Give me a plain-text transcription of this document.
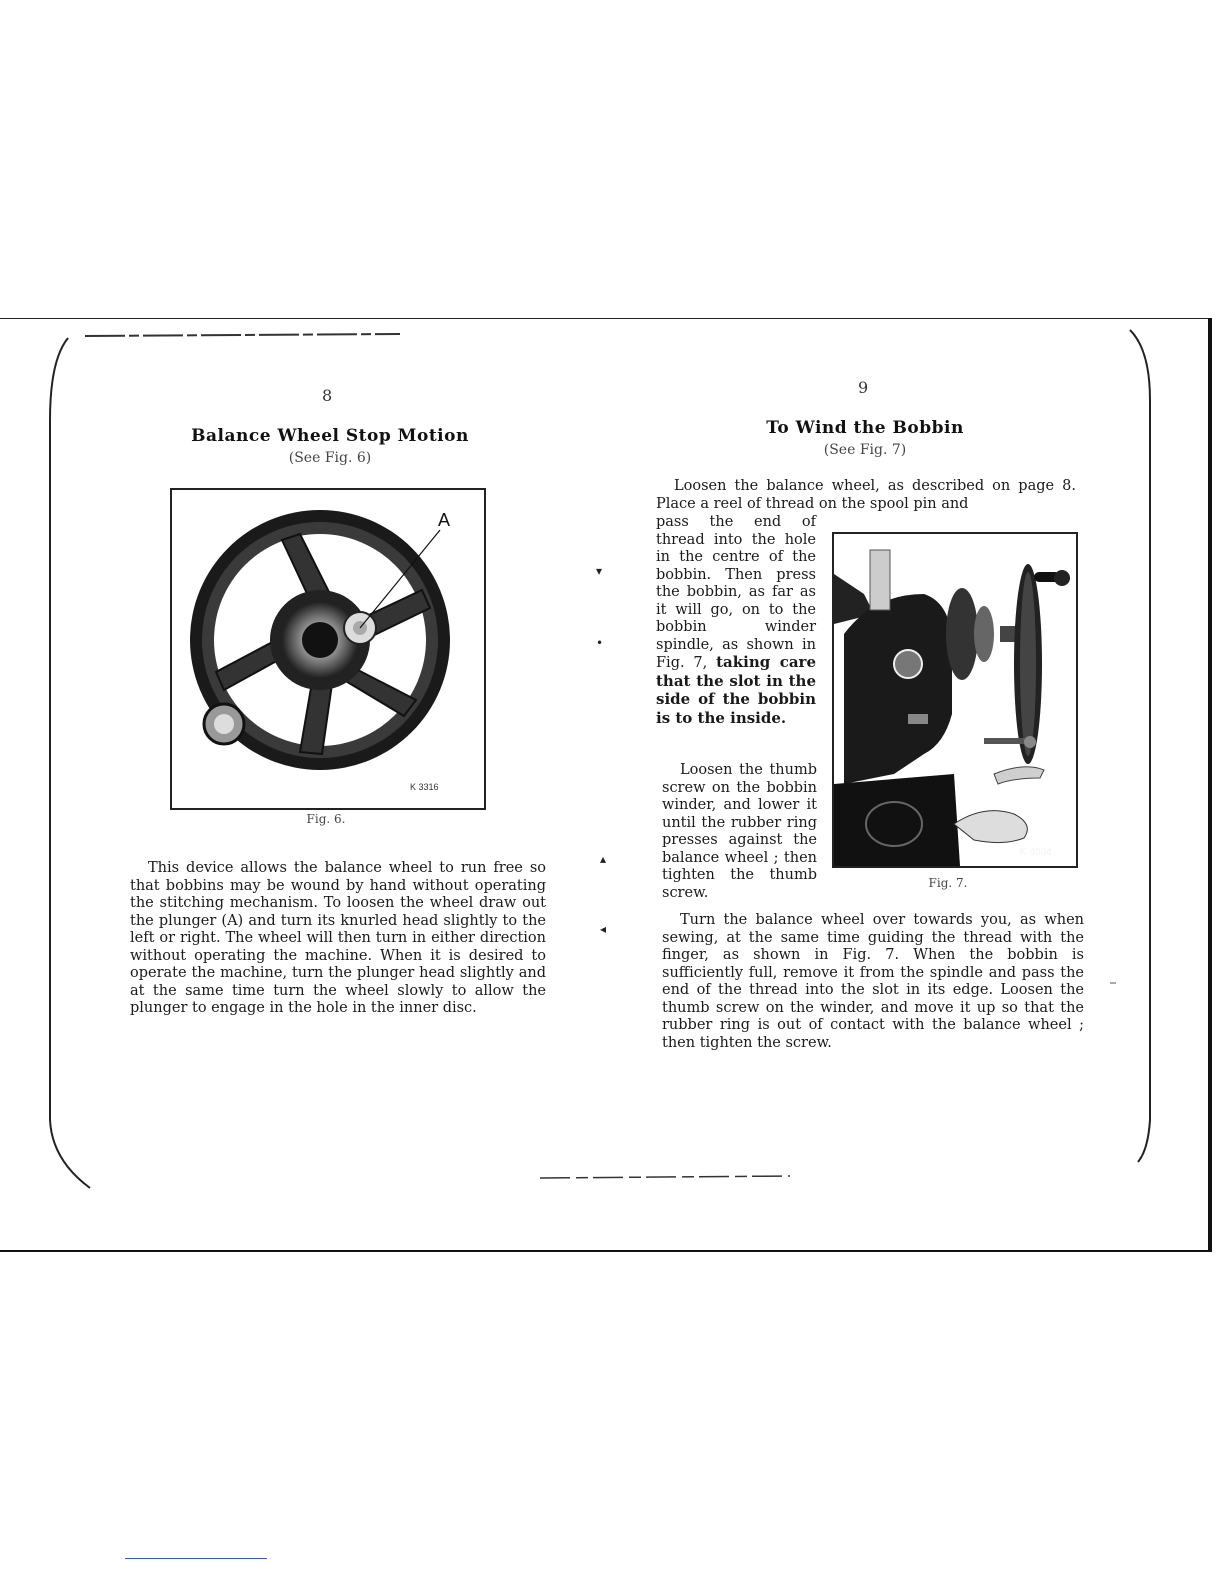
8
Balance Wheel Stop Motion
(See Fig. 6)
A
K 3316
Fig. 6.

This device allows the balance wheel to run free so that bobbins may be wound by hand without operating the stitching mechanism. To loosen the wheel draw out the plunger (A) and turn its knurled head slightly to the left or right. The wheel will then turn in either direction without operating the machine. When it is desired to operate the machine, turn the plunger head slightly and at the same time turn the wheel slowly to allow the plunger to engage in the hole in the inner disc.

▾
•
▴
◂
9
To Wind the Bobbin
(See Fig. 7)

Loosen the balance wheel, as described on page 8. Place a reel of thread on the spool pin and

pass the end of thread into the hole in the centre of the bobbin. Then press the bobbin, as far as it will go, on to the bobbin winder spindle, as shown in Fig. 7, taking care that the slot in the side of the bobbin is to the inside.

Loosen the thumb screw on the bobbin winder, and lower it until the rubber ring presses against the balance wheel ; then tighten the thumb screw.

K 4004
Fig. 7.

Turn the balance wheel over towards you, as when sewing, at the same time guiding the thread with the finger, as shown in Fig. 7. When the bobbin is sufficiently full, remove it from the spindle and pass the end of the thread into the slot in its edge. Loosen the thumb screw on the winder, and move it up so that the rubber ring is out of contact with the balance wheel ; then tighten the screw.
